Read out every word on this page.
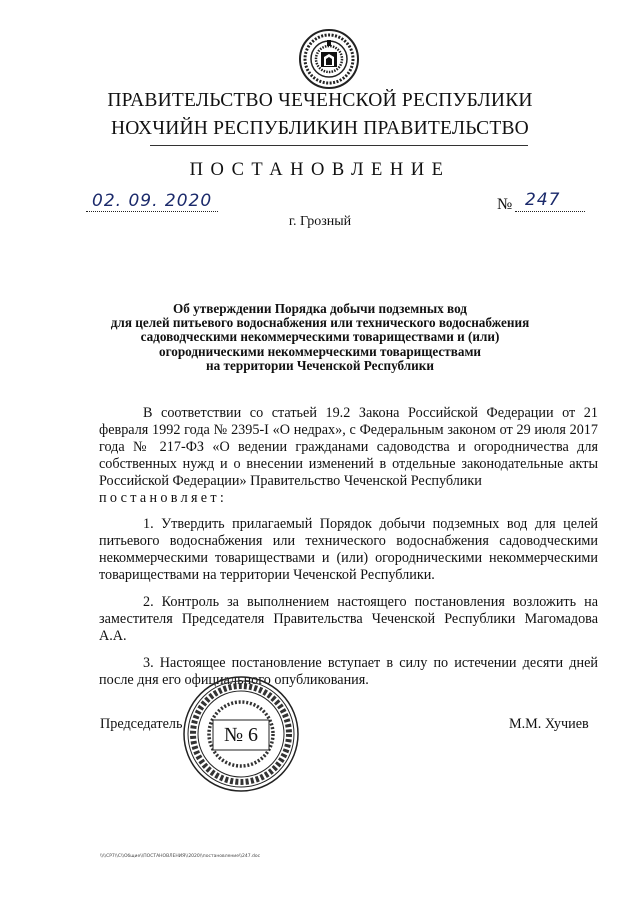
ПРАВИТЕЛЬСТВО ЧЕЧЕНСКОЙ РЕСПУБЛИКИ
НОХЧИЙН РЕСПУБЛИКИН ПРАВИТЕЛЬСТВО
ПОСТАНОВЛЕНИЕ
02. 09. 2020	№ 247
г. Грозный
Об утверждении Порядка добычи подземных вод
для целей питьевого водоснабжения или технического водоснабжения
садоводческими некоммерческими товариществами и (или)
огородническими некоммерческими товариществами
на территории Чеченской Республики

В соответствии со статьей 19.2 Закона Российской Федерации от 21 февраля 1992 года № 2395-I «О недрах», с Федеральным законом от 29 июля 2017 года № 217-ФЗ «О ведении гражданами садоводства и огородничества для собственных нужд и о внесении изменений в отдельные законодательные акты Российской Федерации» Правительство Чеченской Республики

постановляет:

1. Утвердить прилагаемый Порядок добычи подземных вод для целей питьевого водоснабжения или технического водоснабжения садоводческими некоммерческими товариществами и (или) огородническими некоммерческими товариществами на территории Чеченской Республики.

2. Контроль за выполнением настоящего постановления возложить на заместителя Председателя Правительства Чеченской Республики Магомадова А.А.

3. Настоящее постановление вступает в силу по истечении десяти дней после дня его официального опубликования.

Председатель	М.М. Хучиев
№ 6
\\\\CP7\\C\\Общие\\ПОСТАНОВЛЕНИЯ\\2020\\постановление\\247.doc
